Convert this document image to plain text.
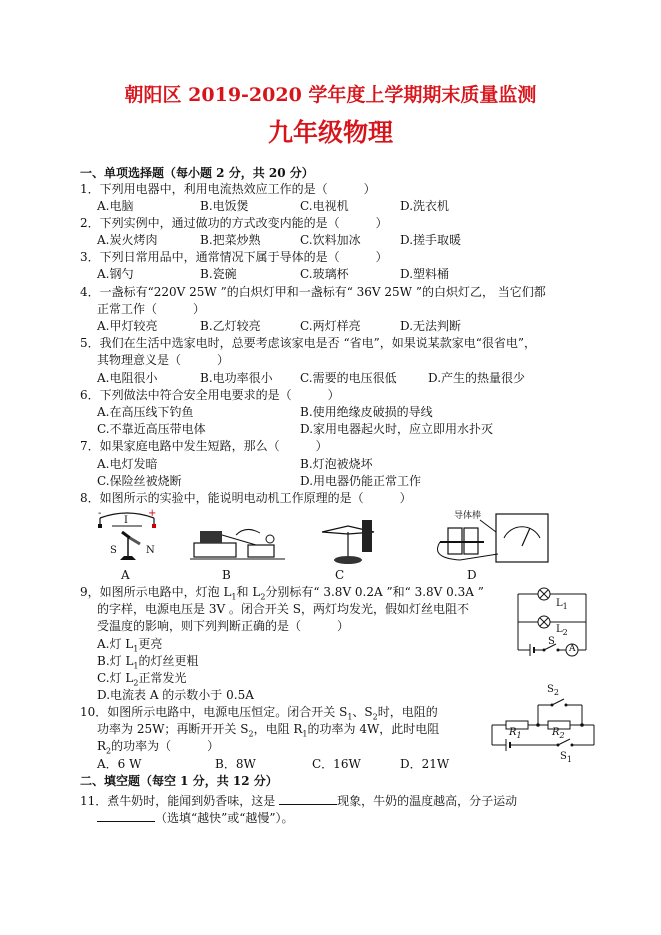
朝阳区 2019-2020 学年度上学期期末质量监测
九年级物理
一、单项选择题（每小题 2 分，共 20 分）
1．下列用电器中，利用电流热效应工作的是（　　　）
A.电脑	B.电饭煲	C.电视机	D.洗衣机
2．下列实例中，通过做功的方式改变内能的是（　　　）
A.炭火烤肉	B.把菜炒熟	C.饮料加冰	D.搓手取暖
3．下列日常用品中，通常情况下属于导体的是（　　　）
A.钢勺	B.瓷碗	C.玻璃杯	D.塑料桶
4．一盏标有“220V 25W ”的白炽灯甲和一盏标有“ 36V 25W ”的白炽灯乙， 当它们都
正常工作（　　　）
A.甲灯较亮	B.乙灯较亮	C.两灯样亮	D.无法判断
5．我们在生活中选家电时，总要考虑该家电是否 “省电”，如果说某款家电“很省电”，
其物理意义是（　　　）
A.电阻很小	B.电功率很小 C.需要的电压很低	D.产生的热量很少
6．下列做法中符合安全用电要求的是（　　　）
A.在高压线下钓鱼	B.使用绝缘皮破损的导线
C.不靠近高压带电体	D.家用电器起火时，应立即用水扑灭
7．如果家庭电路中发生短路，那么（　　　）
A.电灯发暗	B.灯泡被烧坏
C.保险丝被烧断	D.用电器仍能正常工作
8．如图所示的实验中，能说明电动机工作原理的是（　　　）
-	+
I
S	N
导体棒
A	B	C	D
9，如图所示电路中，灯泡 $L_1$和 $L_2$分别标有“ 3.8V 0.2A ”和“ 3.8V 0.3A ”
的字样，电源电压是 3V 。闭合开关 S，两灯均发光，假如灯丝电阻不
受温度的影响，则下列判断正确的是（　　　）
A.灯 $L_1$更亮
B.灯 $L_1$的灯丝更粗
C.灯 $L_2$正常发光
D.电流表 A 的示数小于 0.5A
$L_1$
$L_2$
S
A
10．如图所示电路中，电源电压恒定。闭合开关 $S_1$、$S_2$时，电阻的
功率为 25W；再断开开关 $S_2$，电阻 $R_1$的功率为 4W，此时电阻
$R_2$的功率为（　　　）
A．6 W	B．8W	C．16W	D．21W
$S_2$
$R_1$	$R_2$
$S_1$
二、填空题（每空 1 分，共 12 分）
11．煮牛奶时，能闻到奶香味，这是	现象，牛奶的温度越高，分子运动
（选填“越快”或“越慢”）。
